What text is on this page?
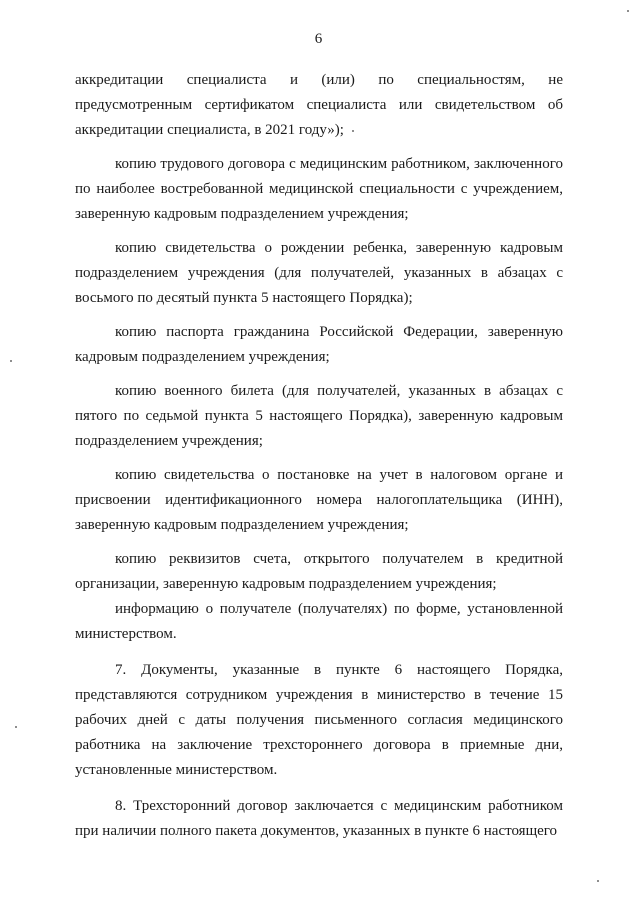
6

аккредитации специалиста и (или) по специальностям, не предусмотренным сертификатом специалиста или свидетельством об аккредитации специалиста, в 2021 году»);

копию трудового договора с медицинским работником, заключенного по наиболее востребованной медицинской специальности с учреждением, заверенную кадровым подразделением учреждения;

копию свидетельства о рождении ребенка, заверенную кадровым подразделением учреждения (для получателей, указанных в абзацах с восьмого по десятый пункта 5 настоящего Порядка);

копию паспорта гражданина Российской Федерации, заверенную кадровым подразделением учреждения;

копию военного билета (для получателей, указанных в абзацах с пятого по седьмой пункта 5 настоящего Порядка), заверенную кадровым подразделением учреждения;

копию свидетельства о постановке на учет в налоговом органе и присвоении идентификационного номера налогоплательщика (ИНН), заверенную кадровым подразделением учреждения;

копию реквизитов счета, открытого получателем в кредитной организации, заверенную кадровым подразделением учреждения;

информацию о получателе (получателях) по форме, установленной министерством.

7. Документы, указанные в пункте 6 настоящего Порядка, представляются сотрудником учреждения в министерство в течение 15 рабочих дней с даты получения письменного согласия медицинского работника на заключение трехстороннего договора в приемные дни, установленные министерством.

8. Трехсторонний договор заключается с медицинским работником при наличии полного пакета документов, указанных в пункте 6 настоящего
